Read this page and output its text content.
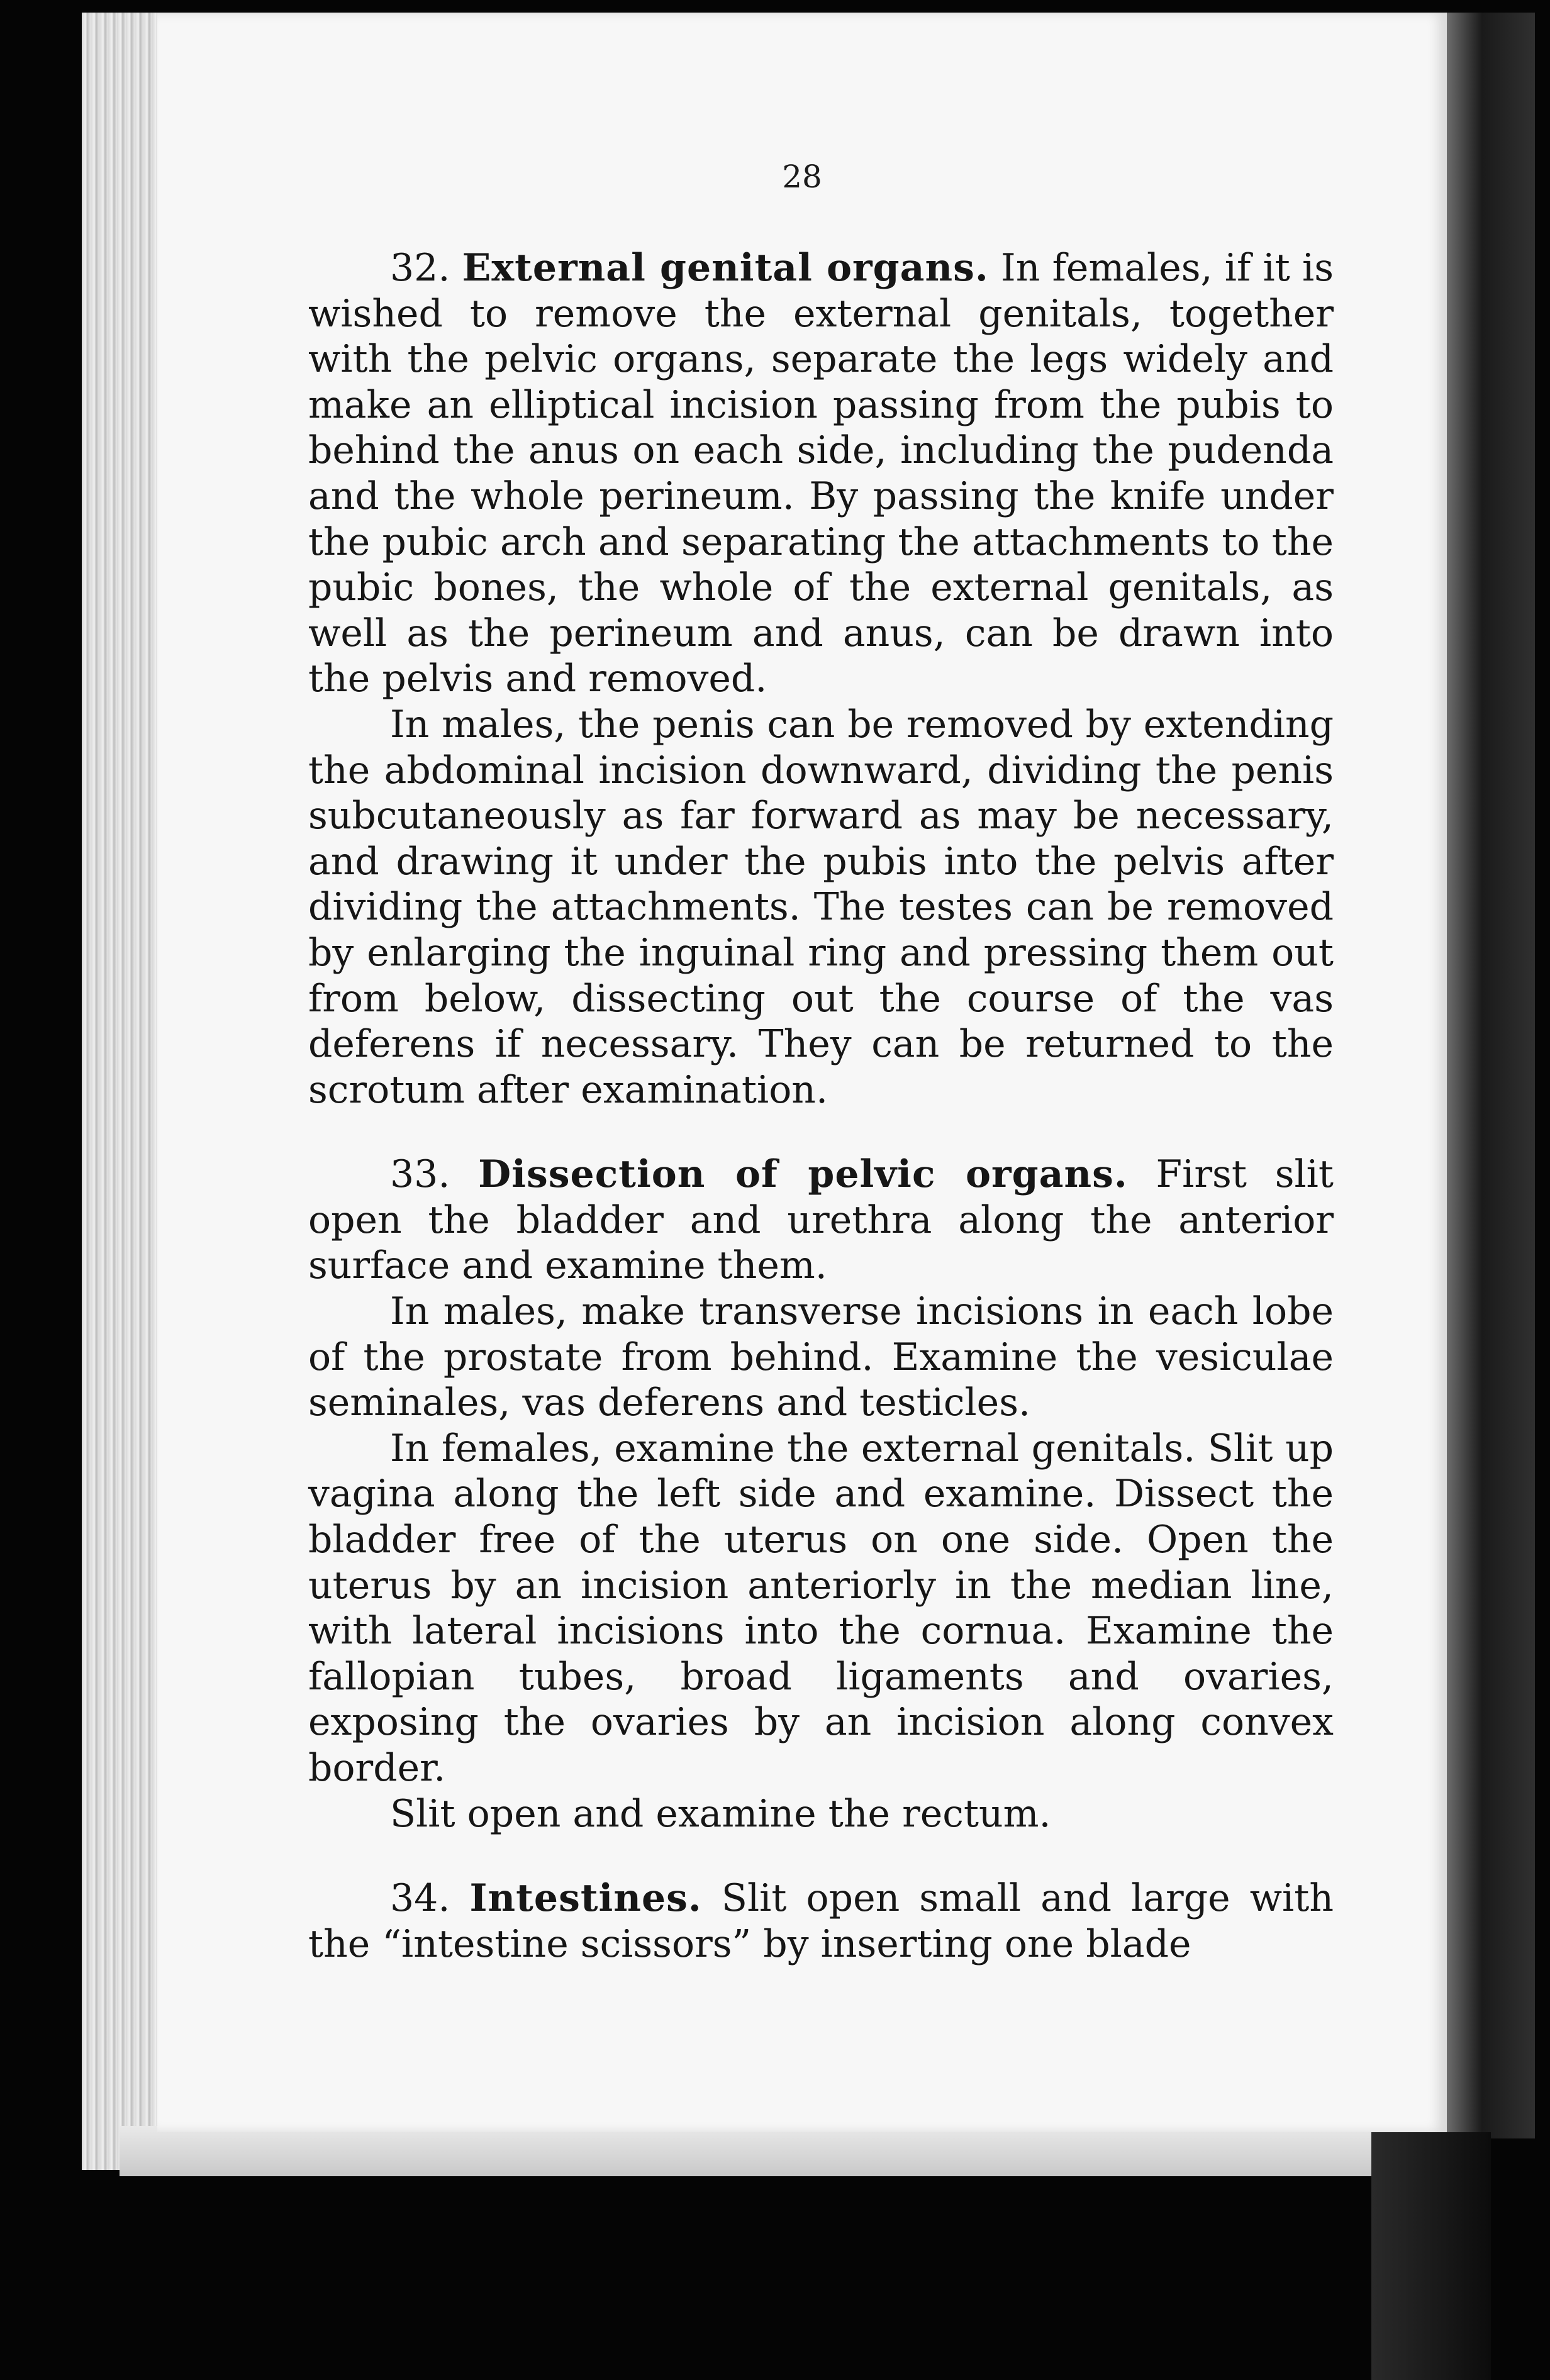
28

32. External genital organs. In females, if it is wished to remove the external genitals, together with the pelvic organs, separate the legs widely and make an elliptical incision passing from the pubis to behind the anus on each side, including the pudenda and the whole perineum. By passing the knife under the pubic arch and separating the attachments to the pubic bones, the whole of the external genitals, as well as the perineum and anus, can be drawn into the pelvis and removed.

In males, the penis can be removed by extending the abdominal incision downward, dividing the penis subcutaneously as far forward as may be necessary, and drawing it under the pubis into the pelvis after dividing the attachments. The testes can be removed by enlarging the inguinal ring and pressing them out from below, dissecting out the course of the vas deferens if necessary. They can be returned to the scrotum after examination.

33. Dissection of pelvic organs. First slit open the bladder and urethra along the anterior surface and examine them.

In males, make transverse incisions in each lobe of the prostate from behind. Examine the vesiculae seminales, vas deferens and testicles.

In females, examine the external genitals. Slit up vagina along the left side and examine. Dissect the bladder free of the uterus on one side. Open the uterus by an incision anteriorly in the median line, with lateral incisions into the cornua. Examine the fallopian tubes, broad ligaments and ovaries, exposing the ovaries by an incision along convex border.

Slit open and examine the rectum.

34. Intestines. Slit open small and large with the “intestine scissors” by inserting one blade
